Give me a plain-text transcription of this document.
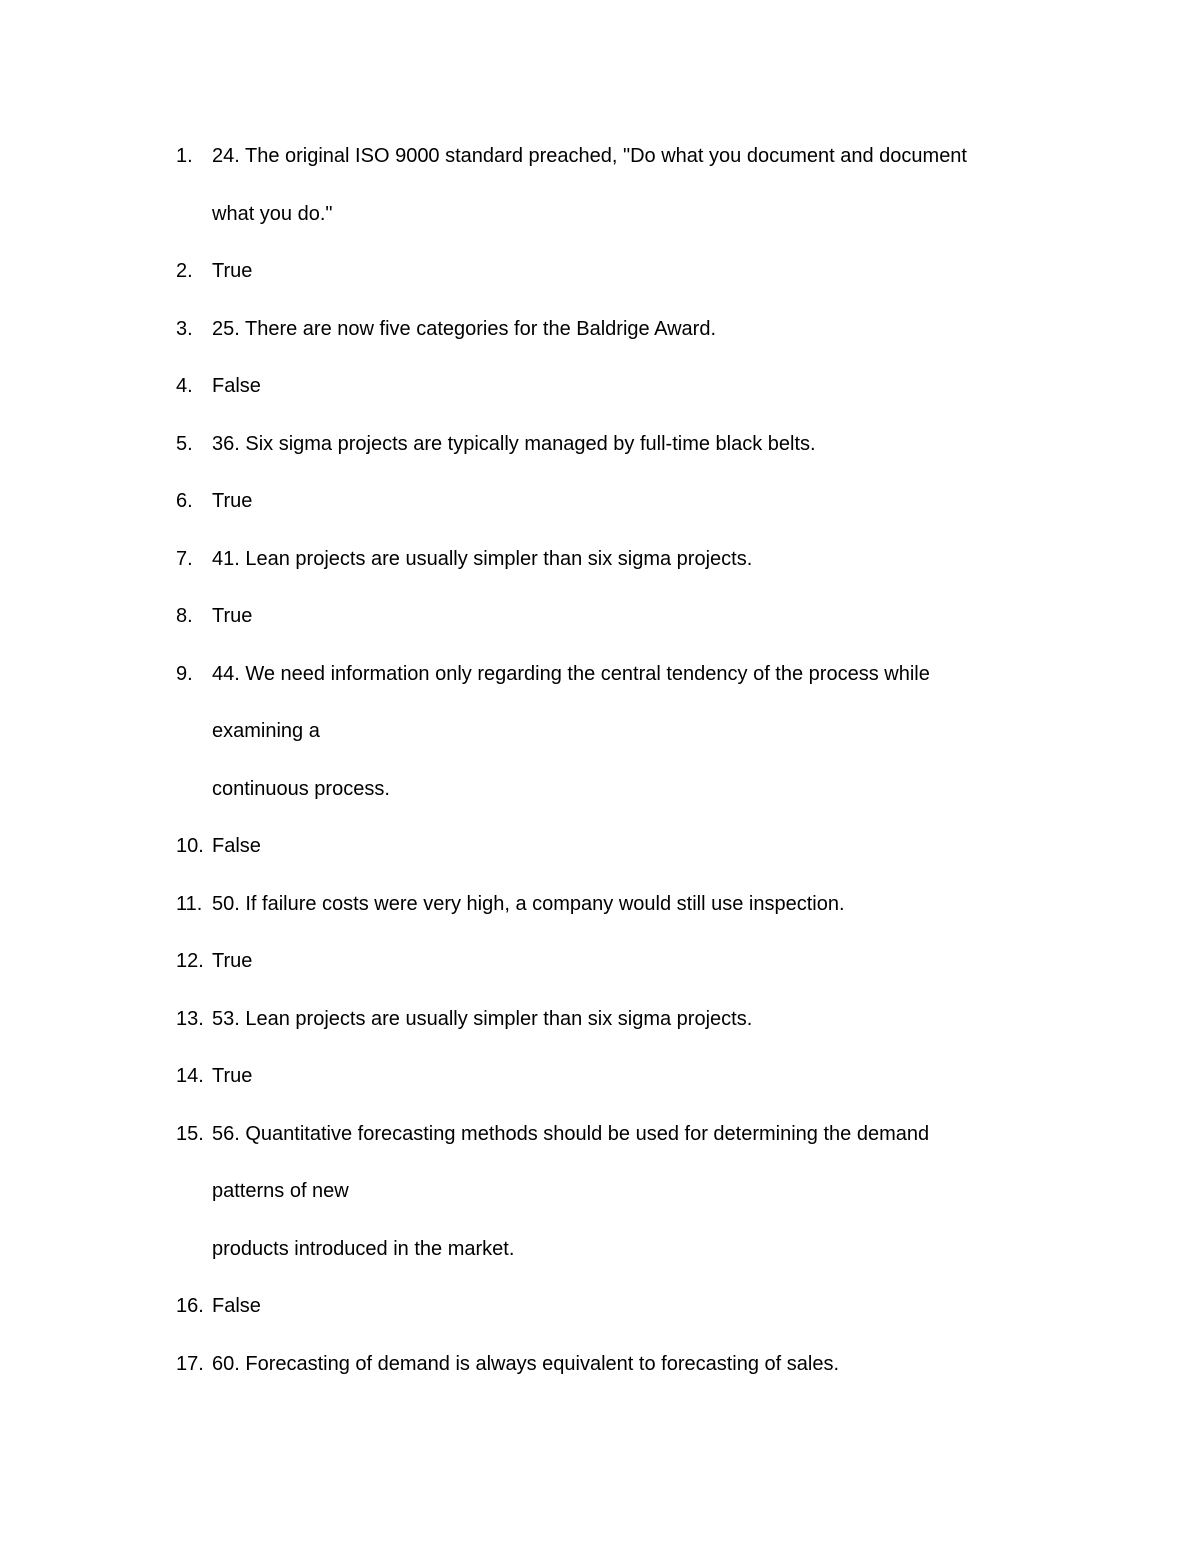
1. 24. The original ISO 9000 standard preached, "Do what you document and document
what you do."
2. True
3. 25. There are now five categories for the Baldrige Award.
4. False
5. 36. Six sigma projects are typically managed by full-time black belts.
6. True
7. 41. Lean projects are usually simpler than six sigma projects.
8. True
9. 44. We need information only regarding the central tendency of the process while
examining a
continuous process.
10. False
11. 50. If failure costs were very high, a company would still use inspection.
12. True
13. 53. Lean projects are usually simpler than six sigma projects.
14. True
15. 56. Quantitative forecasting methods should be used for determining the demand
patterns of new
products introduced in the market.
16. False
17. 60. Forecasting of demand is always equivalent to forecasting of sales.
